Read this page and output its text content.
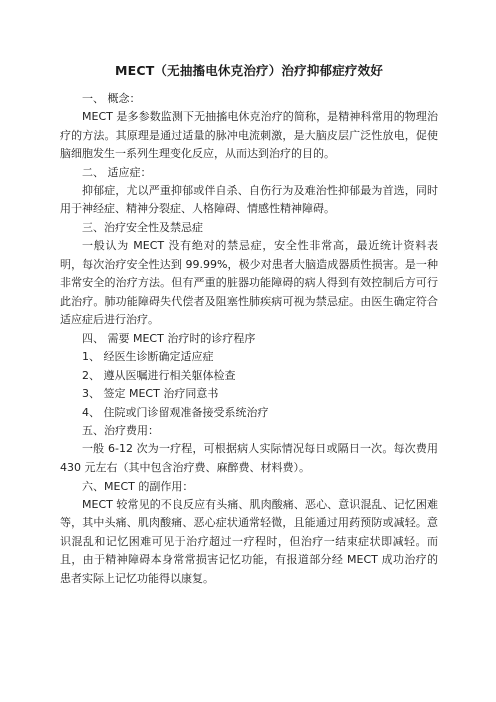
MECT（无抽搐电休克治疗）治疗抑郁症疗效好
一、 概念：

MECT 是多参数监测下无抽搐电休克治疗的简称，是精神科常用的物理治疗的方法。其原理是通过适量的脉冲电流刺激，是大脑皮层广泛性放电，促使脑细胞发生一系列生理变化反应，从而达到治疗的目的。

二、 适应症：

抑郁症，尤以严重抑郁或伴自杀、自伤行为及难治性抑郁最为首选，同时用于神经症、精神分裂症、人格障碍、情感性精神障碍。

三、治疗安全性及禁忌症

一般认为 MECT 没有绝对的禁忌症，安全性非常高，最近统计资料表明，每次治疗安全性达到 99.99%，极少对患者大脑造成器质性损害。是一种非常安全的治疗方法。但有严重的脏器功能障碍的病人得到有效控制后方可行此治疗。肺功能障碍失代偿者及阻塞性肺疾病可视为禁忌症。由医生确定符合适应症后进行治疗。

四、 需要 MECT 治疗时的诊疗程序
1、 经医生诊断确定适应症
2、 遵从医嘱进行相关躯体检查
3、 签定 MECT 治疗同意书
4、 住院或门诊留观准备接受系统治疗
五、治疗费用：

一般 6-12 次为一疗程，可根据病人实际情况每日或隔日一次。每次费用 430 元左右（其中包含治疗费、麻醉费、材料费）。

六、MECT 的副作用：

MECT 较常见的不良反应有头痛、肌肉酸痛、恶心、意识混乱、记忆困难等，其中头痛、肌肉酸痛、恶心症状通常轻微，且能通过用药预防或减轻。意识混乱和记忆困难可见于治疗超过一疗程时，但治疗一结束症状即减轻。而且，由于精神障碍本身常常损害记忆功能，有报道部分经 MECT 成功治疗的患者实际上记忆功能得以康复。
